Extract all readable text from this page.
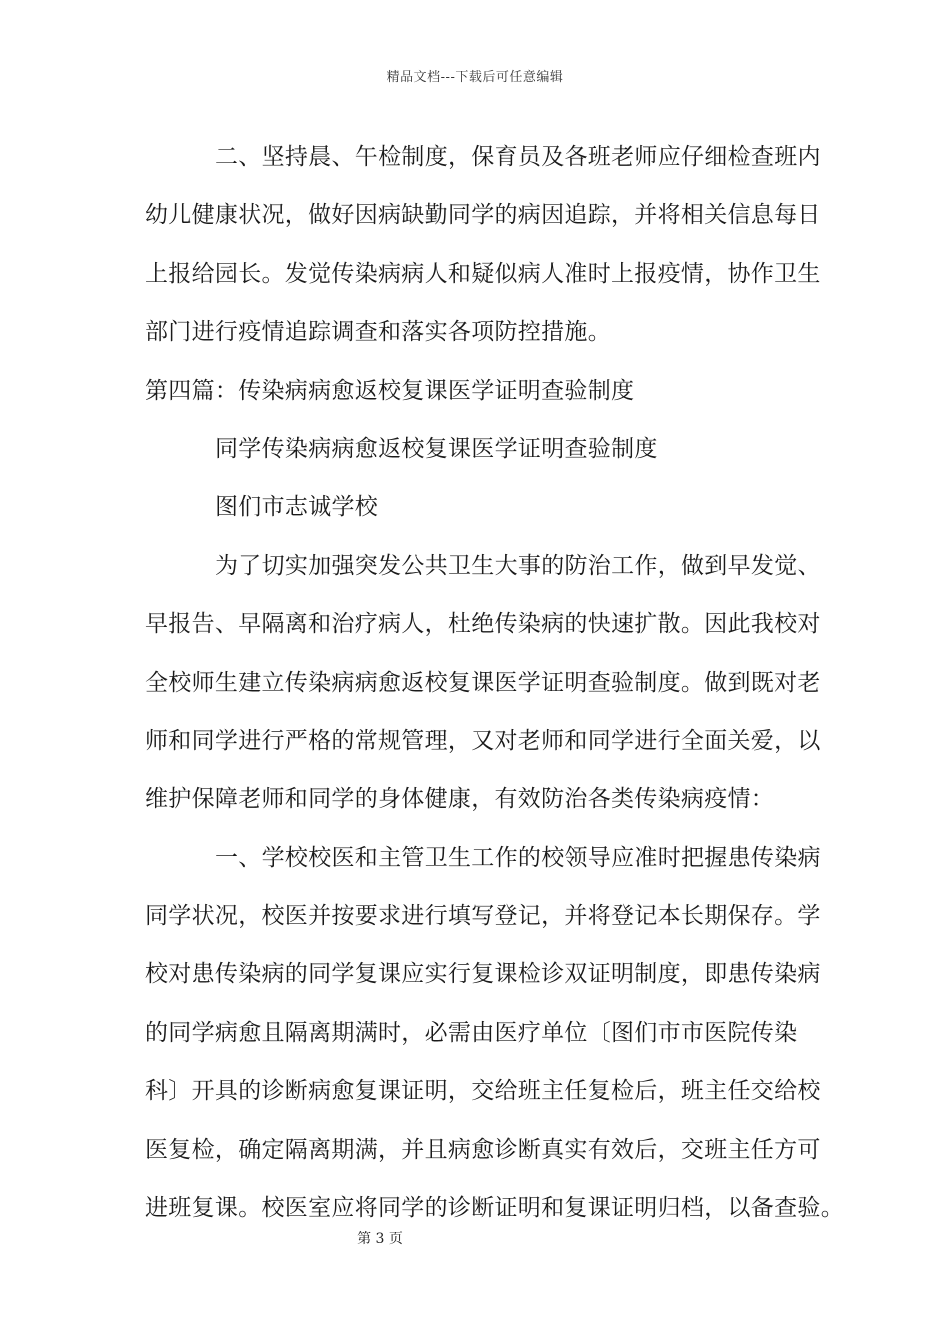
精品文档---下载后可任意编辑
二、坚持晨、午检制度，保育员及各班老师应仔细检查班内
幼儿健康状况，做好因病缺勤同学的病因追踪，并将相关信息每日
上报给园长。发觉传染病病人和疑似病人准时上报疫情，协作卫生
部门进行疫情追踪调查和落实各项防控措施。
第四篇：传染病病愈返校复课医学证明查验制度
同学传染病病愈返校复课医学证明查验制度
图们市志诚学校
为了切实加强突发公共卫生大事的防治工作，做到早发觉、
早报告、早隔离和治疗病人，杜绝传染病的快速扩散。因此我校对
全校师生建立传染病病愈返校复课医学证明查验制度。做到既对老
师和同学进行严格的常规管理，又对老师和同学进行全面关爱，以
维护保障老师和同学的身体健康，有效防治各类传染病疫情：
一、学校校医和主管卫生工作的校领导应准时把握患传染病
同学状况，校医并按要求进行填写登记，并将登记本长期保存。学
校对患传染病的同学复课应实行复课检诊双证明制度，即患传染病
的同学病愈且隔离期满时，必需由医疗单位〔图们市市医院传染
科〕开具的诊断病愈复课证明，交给班主任复检后，班主任交给校
医复检，确定隔离期满，并且病愈诊断真实有效后，交班主任方可
进班复课。校医室应将同学的诊断证明和复课证明归档，以备查验。
第 3 页
